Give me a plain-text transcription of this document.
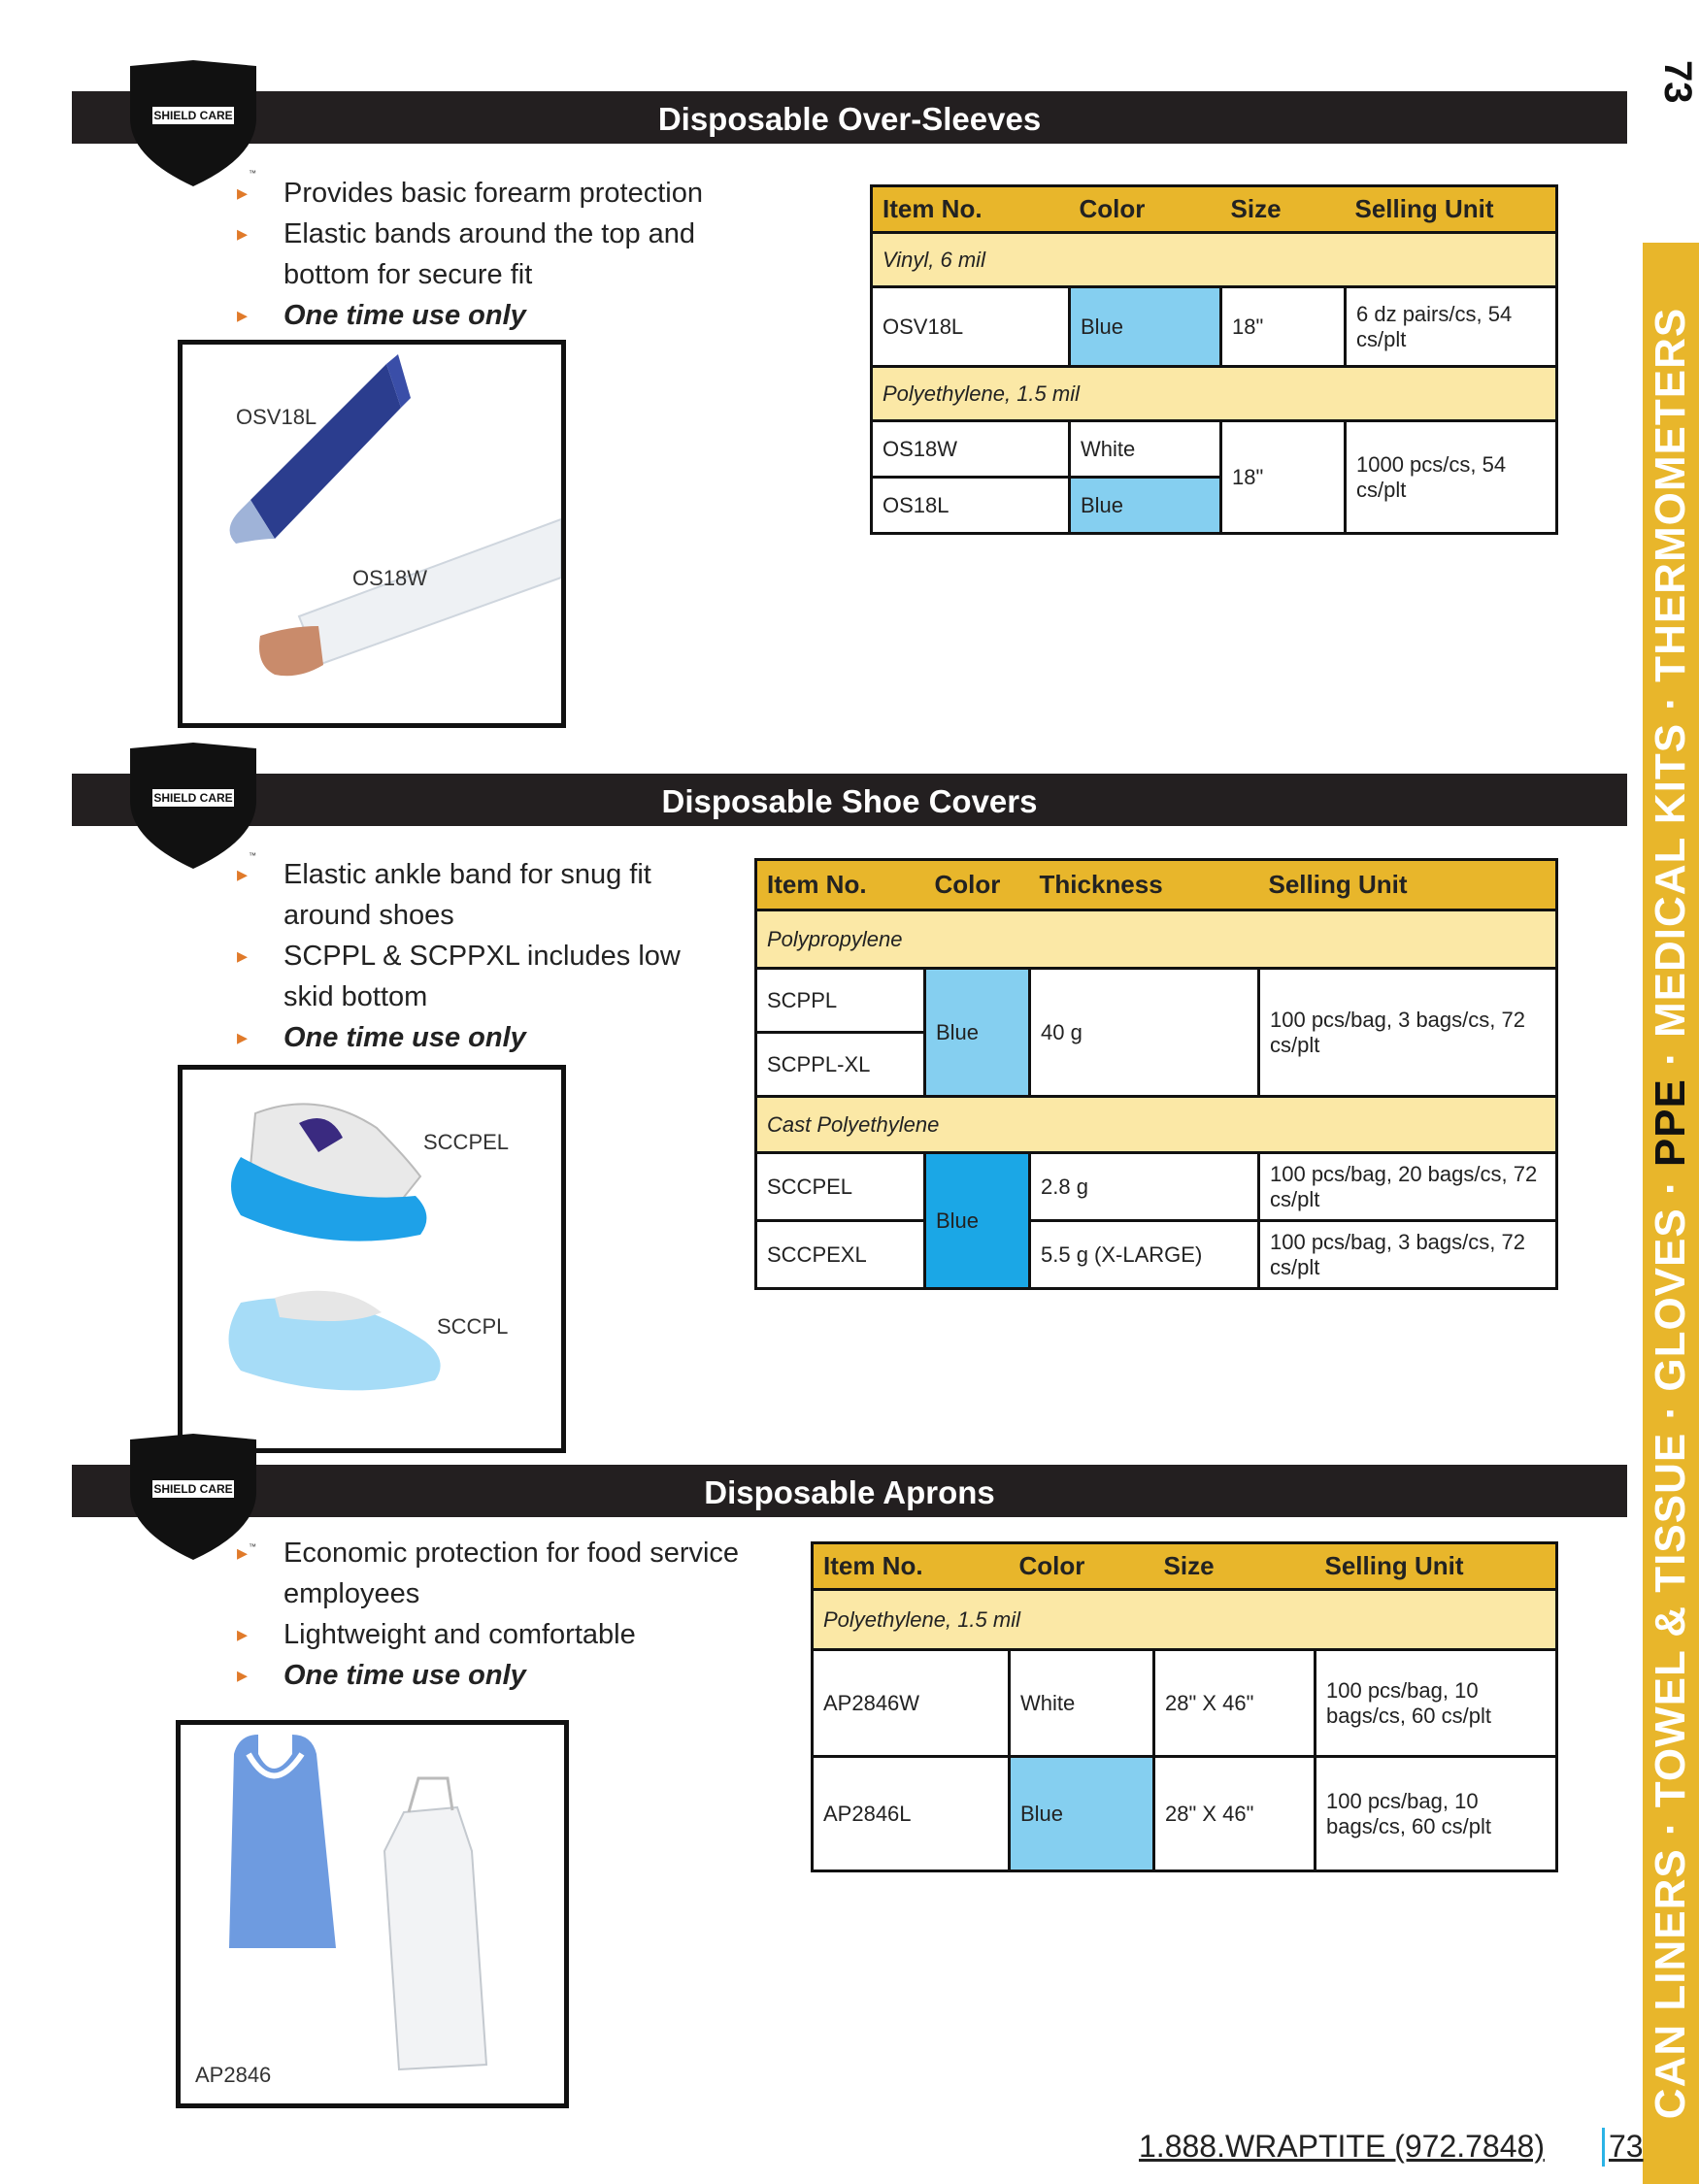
73
CAN LINERS · TOWEL & TISSUE · GLOVES · PPE · MEDICAL KITS · THERMOMETERS
Disposable Over-Sleeves
SHIELD CARE
™
▸ Provides basic forearm protection
▸ Elastic bands around the top and bottom for secure fit
▸ One time use only
OSV18L
OS18W
Item No.	Color	Size	Selling Unit
Vinyl, 6 mil			
OSV18L	Blue	18"	6 dz pairs/cs, 54 cs/plt
Polyethylene, 1.5 mil			
OS18W	White	18"	1000 pcs/cs, 54 cs/plt
OS18L	Blue		
Disposable Shoe Covers
SHIELD CARE
™
▸ Elastic ankle band for snug fit around shoes
▸ SCPPL & SCPPXL includes low skid bottom
▸ One time use only
SCCPEL
SCCPL
Item No.	Color	Thickness	Selling Unit
Polypropylene			
SCPPL	Blue	40 g	100 pcs/bag, 3 bags/cs, 72 cs/plt
SCPPL-XL			
Cast Polyethylene			
SCCPEL	Blue	2.8 g	100 pcs/bag, 20 bags/cs, 72 cs/plt
SCCPEXL		5.5 g (X-LARGE)	100 pcs/bag, 3 bags/cs, 72 cs/plt
Disposable Aprons
SHIELD CARE
™ ▸ Economic protection for food service employees
▸ Lightweight and comfortable
▸ One time use only
AP2846
Item No.	Color	Size	Selling Unit
Polyethylene, 1.5 mil			
AP2846W	White	28" X 46"	100 pcs/bag, 10 bags/cs, 60 cs/plt
AP2846L	Blue	28" X 46"	100 pcs/bag, 10 bags/cs, 60 cs/plt
1.888.WRAPTITE (972.7848) 73
